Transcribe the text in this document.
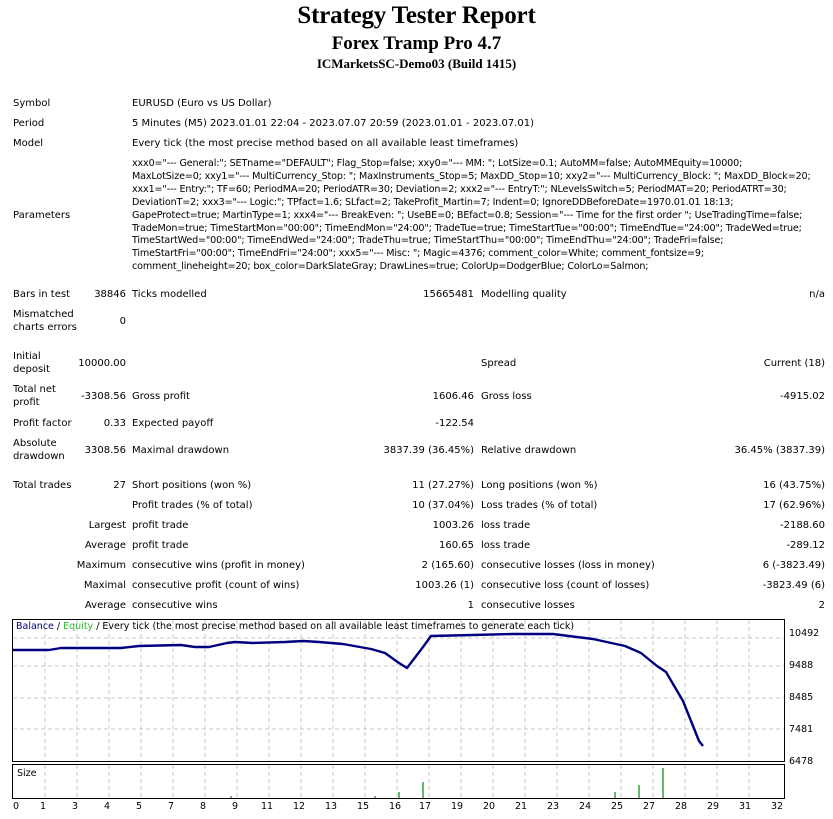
Strategy Tester Report
Forex Tramp Pro 4.7
ICMarketsSC-Demo03 (Build 1415)
Symbol	EURUSD (Euro vs US Dollar)
Period	5 Minutes (M5) 2023.01.01 22:04 - 2023.07.07 20:59 (2023.01.01 - 2023.07.01)
Model	Every tick (the most precise method based on all available least timeframes)
Parameters
xxx0="--- General:"; SETname="DEFAULT"; Flag_Stop=false; xxy0="--- MM: "; LotSize=0.1; AutoMM=false; AutoMMEquity=10000;
MaxLotSize=0; xxy1="--- MultiCurrency_Stop: "; MaxInstruments_Stop=5; MaxDD_Stop=10; xxy2="--- MultiCurrency_Block: "; MaxDD_Block=20;
xxx1="--- Entry:"; TF=60; PeriodMA=20; PeriodATR=30; Deviation=2; xxx2="--- EntryT:"; NLevelsSwitch=5; PeriodMAT=20; PeriodATRT=30;
DeviationT=2; xxx3="--- Logic:"; TPfact=1.6; SLfact=2; TakeProfit_Martin=7; Indent=0; IgnoreDDBeforeDate=1970.01.01 18:13;
GapeProtect=true; MartinType=1; xxx4="--- BreakEven: "; UseBE=0; BEfact=0.8; Session="--- Time for the first order "; UseTradingTime=false;
TradeMon=true; TimeStartMon="00:00"; TimeEndMon="24:00"; TradeTue=true; TimeStartTue="00:00"; TimeEndTue="24:00"; TradeWed=true;
TimeStartWed="00:00"; TimeEndWed="24:00"; TradeThu=true; TimeStartThu="00:00"; TimeEndThu="24:00"; TradeFri=false;
TimeStartFri="00:00"; TimeEndFri="24:00"; xxx5="--- Misc: "; Magic=4376; comment_color=White; comment_fontsize=9;
comment_lineheight=20; box_color=DarkSlateGray; DrawLines=true; ColorUp=DodgerBlue; ColorLo=Salmon;
Bars in test	38846 Ticks modelled	15665481 Modelling quality	n/a
Mismatched
charts errors
0
Initial
deposit
10000.00	Spread	Current (18)
Total net
profit
-3308.56 Gross profit	1606.46 Gross loss	-4915.02
Profit factor	0.33 Expected payoff	-122.54
Absolute
drawdown
3308.56 Maximal drawdown	3837.39 (36.45%) Relative drawdown	36.45% (3837.39)
Total trades	27 Short positions (won %)	11 (27.27%) Long positions (won %)	16 (43.75%)
Profit trades (% of total)	10 (37.04%) Loss trades (% of total)	17 (62.96%)
Largest profit trade	1003.26 loss trade	-2188.60
Average profit trade	160.65 loss trade	-289.12
Maximum consecutive wins (profit in money)	2 (165.60) consecutive losses (loss in money)	6 (-3823.49)
Maximal consecutive profit (count of wins)	1003.26 (1) consecutive loss (count of losses)	-3823.49 (6)
Average consecutive wins	1 consecutive losses	2
Balance / Equity / Every tick (the most precise method based on all available least timeframes to generate each tick)
10492
9488
8485
7481
6478
Size
0 1	3	4	5	7	8	9 11 12 13 15 16 17 19 20 21 23 24 25 27 28 29 31 32
